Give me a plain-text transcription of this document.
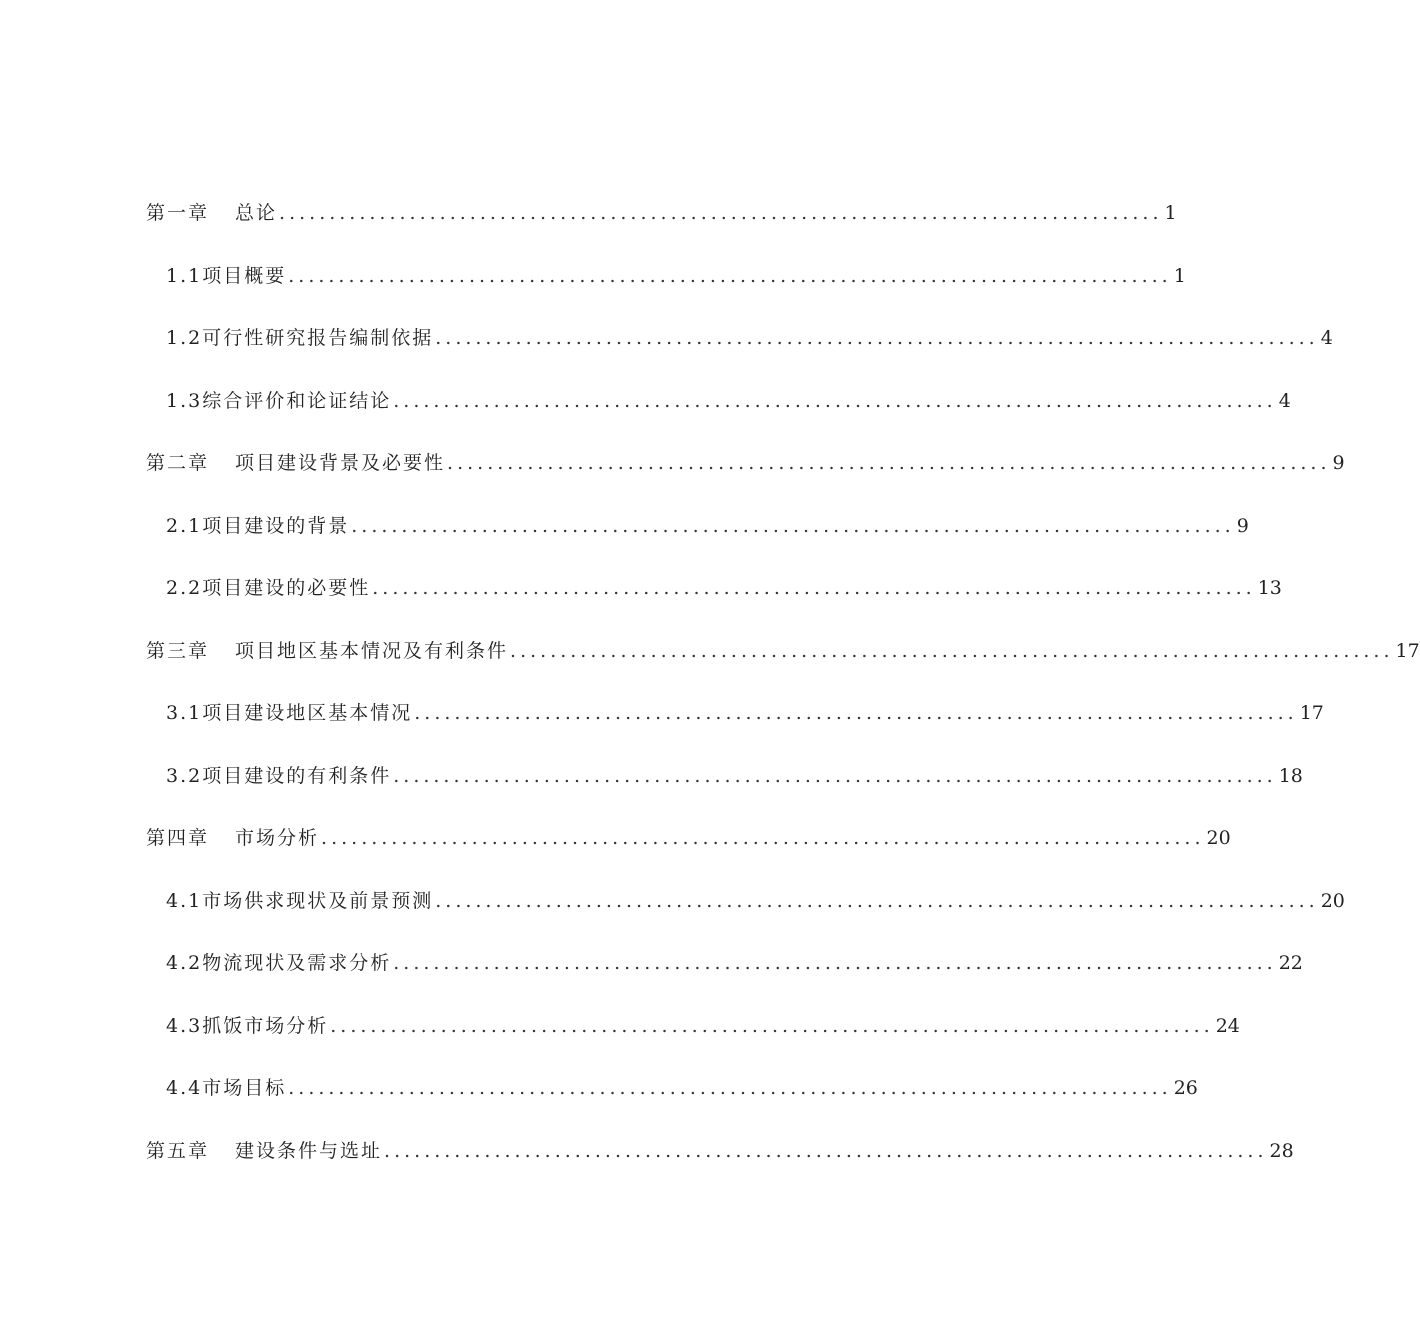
第一章 总论 ........................................................................................ 1
1.1 项目概要 ........................................................................................ 1
1.2 可行性研究报告编制依据 ........................................................................................ 4
1.3 综合评价和论证结论 ........................................................................................ 4
第二章 项目建设背景及必要性 ........................................................................................ 9
2.1 项目建设的背景 ........................................................................................ 9
2.2 项目建设的必要性 ........................................................................................ 13
第三章 项目地区基本情况及有利条件 ........................................................................................ 17
3.1 项目建设地区基本情况 ........................................................................................ 17
3.2 项目建设的有利条件 ........................................................................................ 18
第四章 市场分析 ........................................................................................ 20
4.1 市场供求现状及前景预测 ........................................................................................ 20
4.2 物流现状及需求分析 ........................................................................................ 22
4.3 抓饭市场分析 ........................................................................................ 24
4.4 市场目标 ........................................................................................ 26
第五章 建设条件与选址 ........................................................................................ 28
